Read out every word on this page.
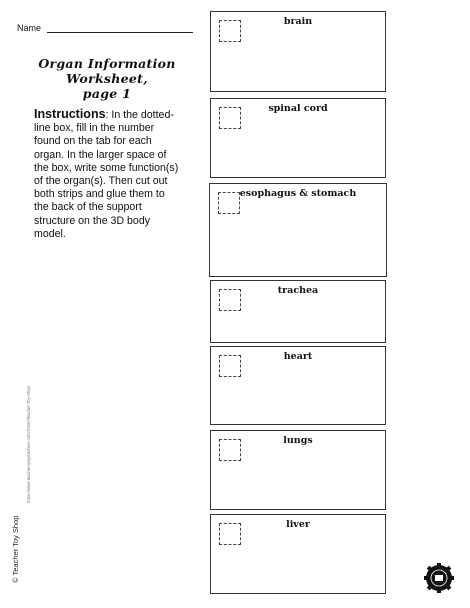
Name
Organ Information Worksheet,
page 1
Instructions: In the dotted-line box, fill in the number found on the tab for each organ. In the larger space of the box, write some function(s) of the organ(s). Then cut out both strips and glue them to the back of the support structure on the 3D body model.
© Teacher Toy Shop
https://www.teacherspayteachers.com/Store/Teacher-Toy-Shop
brain
spinal cord
esophagus & stomach
trachea
heart
lungs
liver
